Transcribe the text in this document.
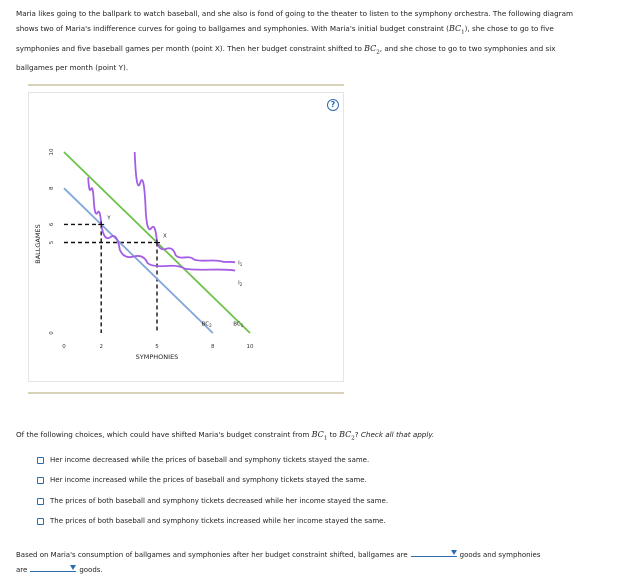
Maria likes going to the ballpark to watch baseball, and she also is fond of going to the theater to listen to the symphony orchestra. The following diagram shows two of Maria's indifference curves for going to ballgames and symphonies. With Maria's initial budget constraint $(BC_1)$, she chose to go to five symphonies and five baseball games per month (point X). Then her budget constraint shifted to $BC_2$, and she chose to go to two symphonies and six ballgames per month (point Y).
?
0	2	5	8	10
0
5
6
8
10
SYMPHONIES
BALLGAMES	X
Y
$I_1$
$I_2$
$BC_2$	$BC_1$
Of the following choices, which could have shifted Maria's budget constraint from $BC_1$ to $BC_2$? Check all that apply.
Her income decreased while the prices of baseball and symphony tickets stayed the same.
Her income increased while the prices of baseball and symphony tickets stayed the same.
The prices of both baseball and symphony tickets decreased while her income stayed the same.
The prices of both baseball and symphony tickets increased while her income stayed the same.
Based on Maria's consumption of ballgames and symphonies after her budget constraint shifted, ballgames are	goods and symphonies
are	goods.
